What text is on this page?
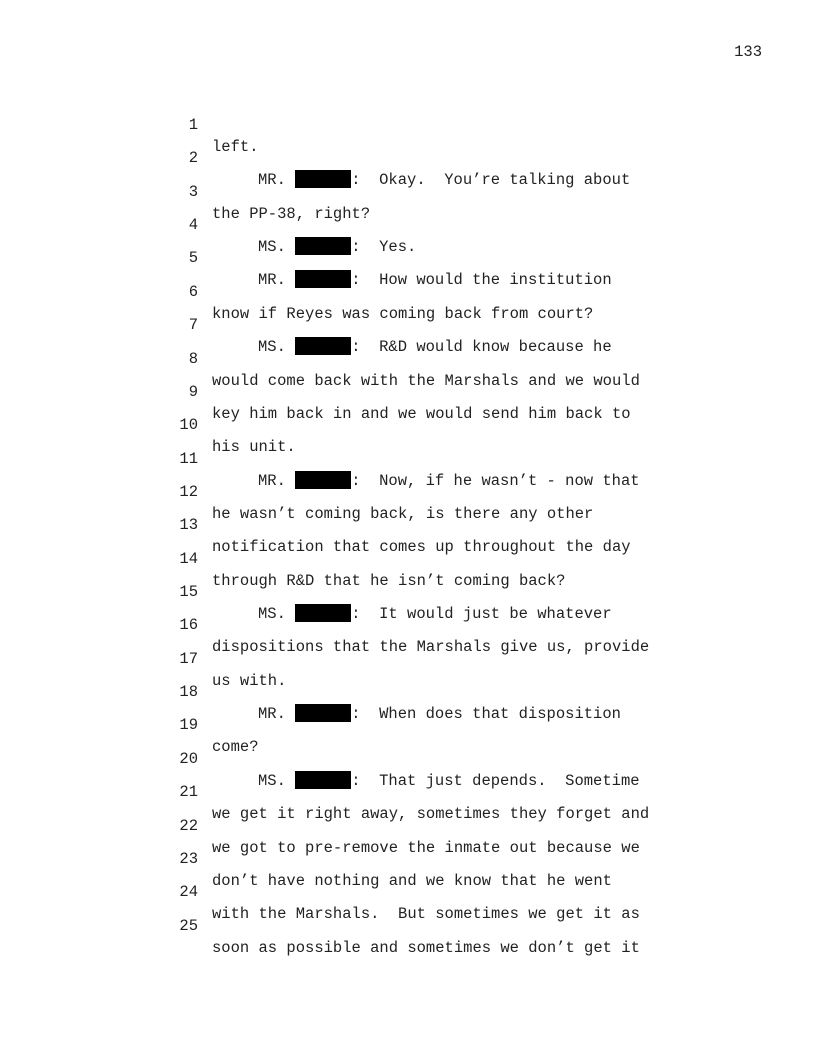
133

1

left.

2

MR.	:  Okay.  You’re talking about

3

the PP-38, right?

4

MS.	:  Yes.

5

MR.	:  How would the institution

6

know if Reyes was coming back from court?

7

MS.	:  R&D would know because he

8

would come back with the Marshals and we would

9

key him back in and we would send him back to

10

his unit.

11

MR.	:  Now, if he wasn’t - now that

12

he wasn’t coming back, is there any other

13

notification that comes up throughout the day

14

through R&D that he isn’t coming back?

15

MS.	:  It would just be whatever

16

dispositions that the Marshals give us, provide

17

us with.

18

MR.	:  When does that disposition

19

come?

20

MS.	:  That just depends.  Sometime

21

we get it right away, sometimes they forget and

22

we got to pre-remove the inmate out because we

23

don’t have nothing and we know that he went

24

with the Marshals.  But sometimes we get it as

25

soon as possible and sometimes we don’t get it
